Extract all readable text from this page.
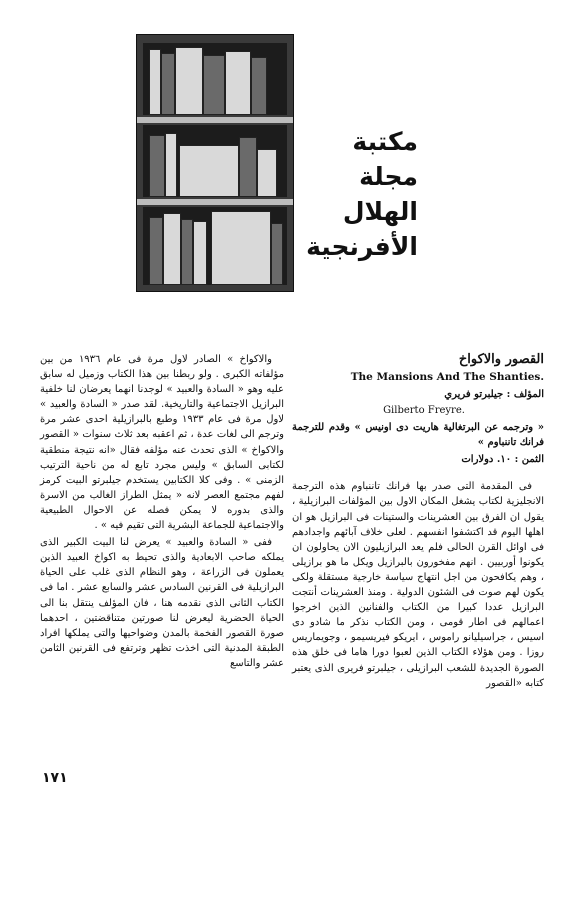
مكتبة
مجلة
الهلال
الأفرنجية

القصور والاكواخ

The Mansions And The Shanties.

المؤلف : جيلبرتو فريري

Gilberto Freyre.

« وترجمه عن البرتغالية هاريت دى اونيس » وقدم للترجمة فرانك تاننباوم »

الثمن : ١٠. دولارات

فى المقدمة التى صدر بها فرانك تاننباوم هذه الترجمة الانجليزية لكتاب يشغل المكان الاول بين المؤلفات البرازيلية ، يقول ان الفرق بين العشرينات والستينات فى البرازيل هو ان اهلها اليوم قد اكتشفوا انفسهم . لعلى خلاف آبائهم واجدادهم فى اوائل القرن الحالى فلم يعد البرازيليون الان يحاولون ان يكونوا أوربيين . انهم مفخورون بالبرازيل ويكل ما هو برازيلى ، وهم يكافحون من اجل انتهاج سياسة خارجية مستقلة ولكى يكون لهم صوت فى الشئون الدولية . ومنذ العشرينات أنتجت البرازيل عددا كبيرا من الكتاب والفنانين الذين اخرجوا اعمالهم فى اطار قومى ، ومن الكتاب نذكر ما شادو دى اسيس ، جراسيليانو راموس ، ايريكو فيريسيمو ، وجويماريس روزا . ومن هؤلاء الكتاب الذين لعبوا دورا هاما فى خلق هذه الصورة الجديدة للشعب البرازيلى ، جيلبرتو فريرى الذى يعتبر كتابه «القصور

والاكواخ » الصادر لاول مرة فى عام ١٩٣٦ من بين مؤلفاته الكبرى . ولو ربطنا بين هذا الكتاب وزميل له سابق عليه وهو « السادة والعبيد » لوجدنا انهما يعرضان لنا خلفية البرازيل الاجتماعية والتاريخية. لقد صدر « السادة والعبيد » لاول مرة فى عام ١٩٣٣ وطبع بالبرازيلية احدى عشر مرة وترجم الى لغات عدة ، ثم اعقبه بعد ثلاث سنوات « القصور والاكواخ » الذى تحدث عنه مؤلفه فقال «انه نتيجة منطقية لكتابى السابق » وليس مجرد تابع له من ناحية الترتيب الزمنى » . وفى كلا الكتابين يستخدم جيلبرتو البيت كرمز لفهم مجتمع العصر لانه « يمثل الطراز الغالب من الاسرة والذى بدوره لا يمكن فصله عن الاحوال الطبيعية والاجتماعية للجماعة البشرية التى تقيم فيه » .

ففى « السادة والعبيد » يعرض لنا البيت الكبير الذى يملكه صاحب الابعادية والذى تحيط به اكواخ العبيد الذين يعملون فى الزراعة ، وهو النظام الذى غلب على الحياة البرازيلية فى القرنين السادس عشر والسابع عشر . اما فى الكتاب الثانى الذى نقدمه هنا ، فان المؤلف ينتقل بنا الى الحياة الحضرية ليعرض لنا صورتين متناقضتين ، احدهما صورة القصور الفخمة بالمدن وضواحيها والتى يملكها افراد الطبقة المدنية التى اخذت تظهر وترتفع فى القرنين الثامن عشر والتاسع

١٧١
